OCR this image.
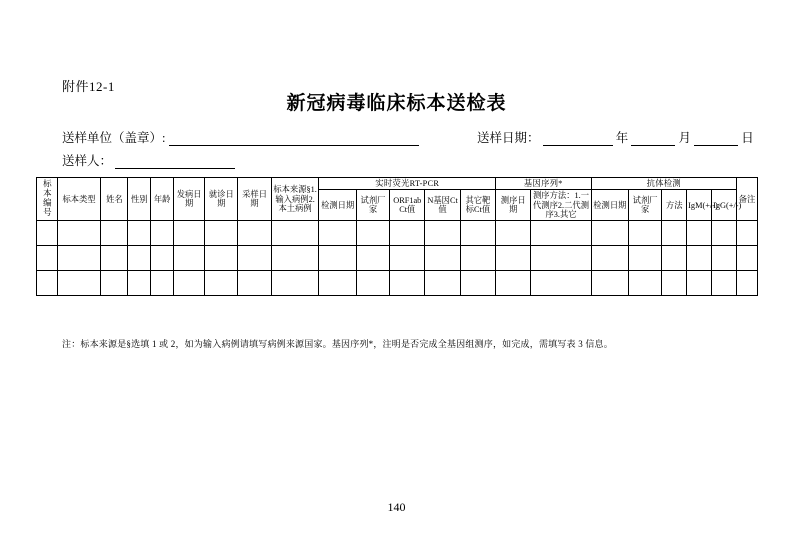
附件12-1
新冠病毒临床标本送检表
送样单位（盖章）:	送样日期：	年	月	日
送样人：
标本编号	标本类型	姓名	性别	年龄	发病日期	就诊日期	采样日期	标本来源§1.输入病例2.本土病例	实时荧光RT-PCR					基因序列*		抗体检测					备注
									检测日期	试剂厂家	ORF1ab Ct值	N基因Ct值	其它靶标Ct值	测序日期	测序方法：1.一代测序2.二代测序3.其它	检测日期	试剂厂家	方法	IgM(+/-)	IgG(+/-)	

注：标本来源是§选填 1 或 2，如为输入病例请填写病例来源国家。基因序列*，注明是否完成全基因组测序，如完成，需填写表 3 信息。
140
